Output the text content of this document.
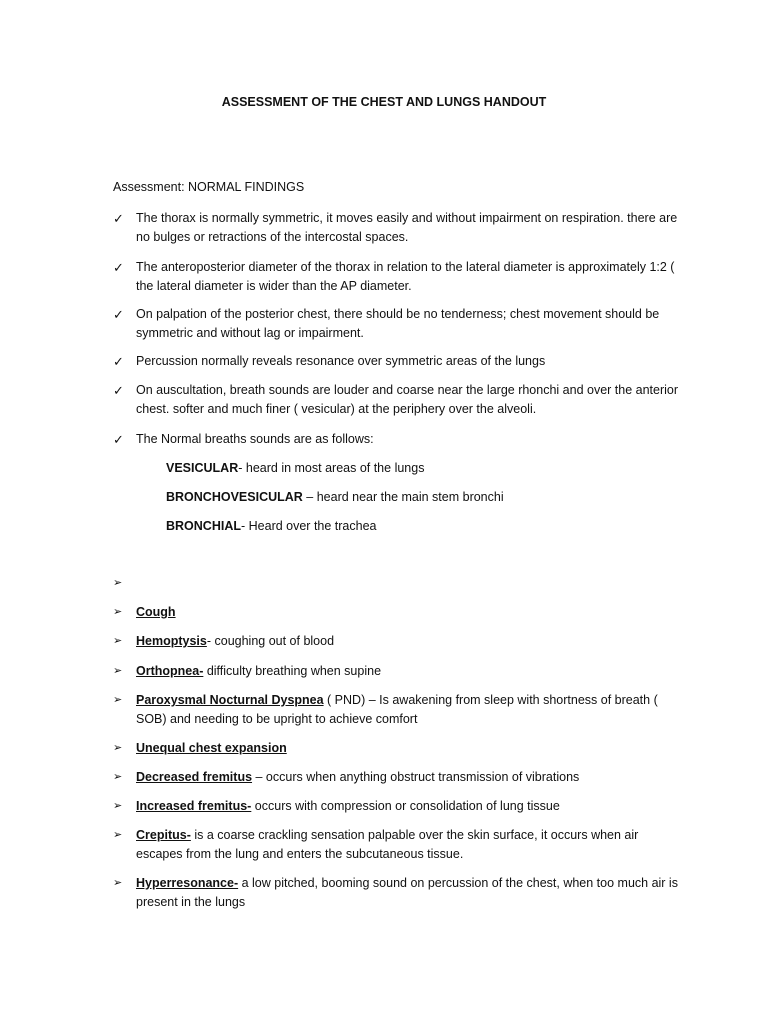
ASSESSMENT OF THE CHEST AND LUNGS HANDOUT
Assessment: NORMAL FINDINGS
✓ The thorax is normally symmetric, it moves easily and without impairment on respiration. there are no bulges or retractions of the intercostal spaces.
✓ The anteroposterior diameter of the thorax in relation to the lateral diameter is approximately 1:2 ( the lateral diameter is wider than the AP diameter.
✓ On palpation of the posterior chest, there should be no tenderness; chest movement should be symmetric and without lag or impairment.
✓ Percussion normally reveals resonance over symmetric areas of the lungs
✓ On auscultation, breath sounds are louder and coarse near the large rhonchi and over the anterior chest. softer and much finer ( vesicular) at the periphery over the alveoli.
✓ The Normal breaths sounds are as follows:
VESICULAR- heard in most areas of the lungs
BRONCHOVESICULAR – heard near the main stem bronchi
BRONCHIAL- Heard over the trachea
➢
➢	Cough
➢	Hemoptysis- coughing out of blood
➢	Orthopnea- difficulty breathing when supine
➢	Paroxysmal Nocturnal Dyspnea ( PND) – Is awakening from sleep with shortness of breath ( SOB) and needing to be upright to achieve comfort
➢	Unequal chest expansion
➢	Decreased fremitus – occurs when anything obstruct transmission of vibrations
➢	Increased fremitus- occurs with compression or consolidation of lung tissue
➢	Crepitus- is a coarse crackling sensation palpable over the skin surface, it occurs when air escapes from the lung and enters the subcutaneous tissue.
➢	Hyperresonance- a low pitched, booming sound on percussion of the chest, when too much air is present in the lungs
